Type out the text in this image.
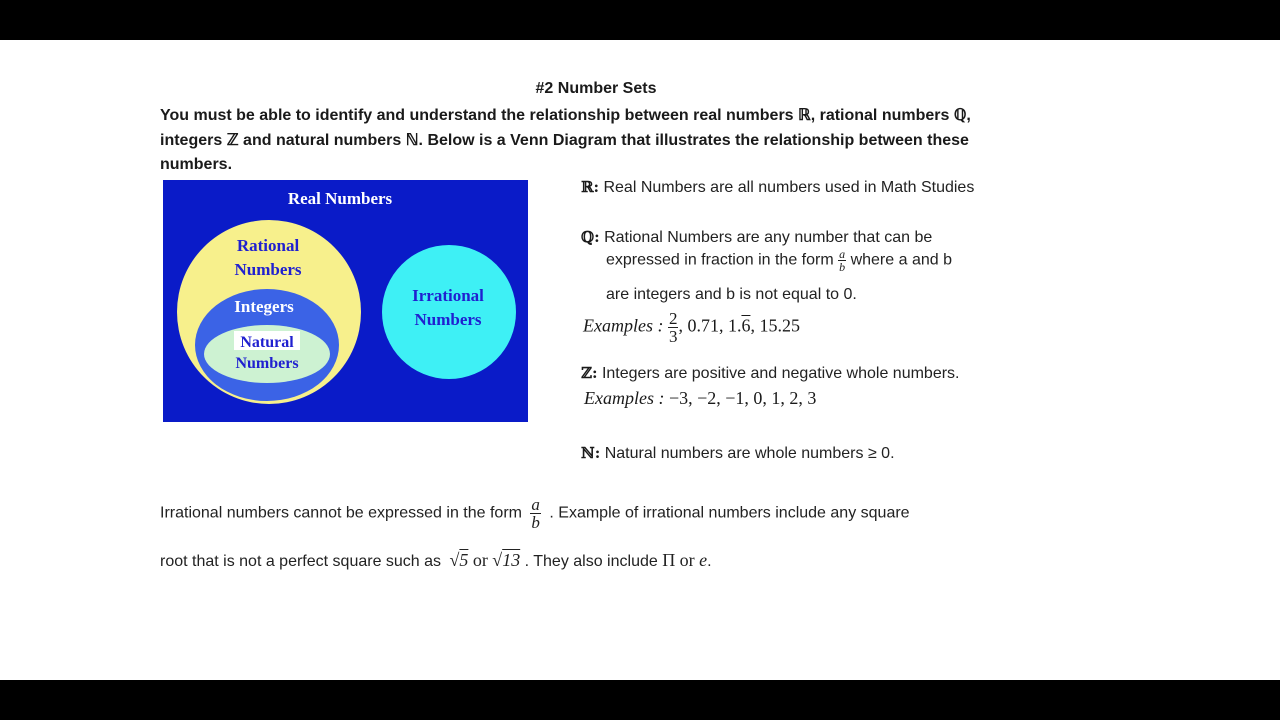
#2 Number Sets
You must be able to identify and understand the relationship between real numbers ℝ, rational numbers ℚ, integers ℤ and natural numbers ℕ. Below is a Venn Diagram that illustrates the relationship between these numbers.
Real Numbers
Rational
Numbers
Integers
Natural
Numbers
Irrational
Numbers
ℝ: Real Numbers are all numbers used in Math Studies
ℚ: Rational Numbers are any number that can be
expressed in fraction in the form $\frac{a}{b}$ where a and b
are integers and b is not equal to 0.
Examples : $\frac{2}{3}$ , 0.71, 1.6, 15.25
ℤ: Integers are positive and negative whole numbers.
Examples : −3, −2, −1, 0, 1, 2, 3
ℕ: Natural numbers are whole numbers ≥ 0.
Irrational numbers cannot be expressed in the form $\frac{a}{b}$ . Example of irrational numbers include any square
root that is not a perfect square such as √5 or √13 . They also include Π or e.
